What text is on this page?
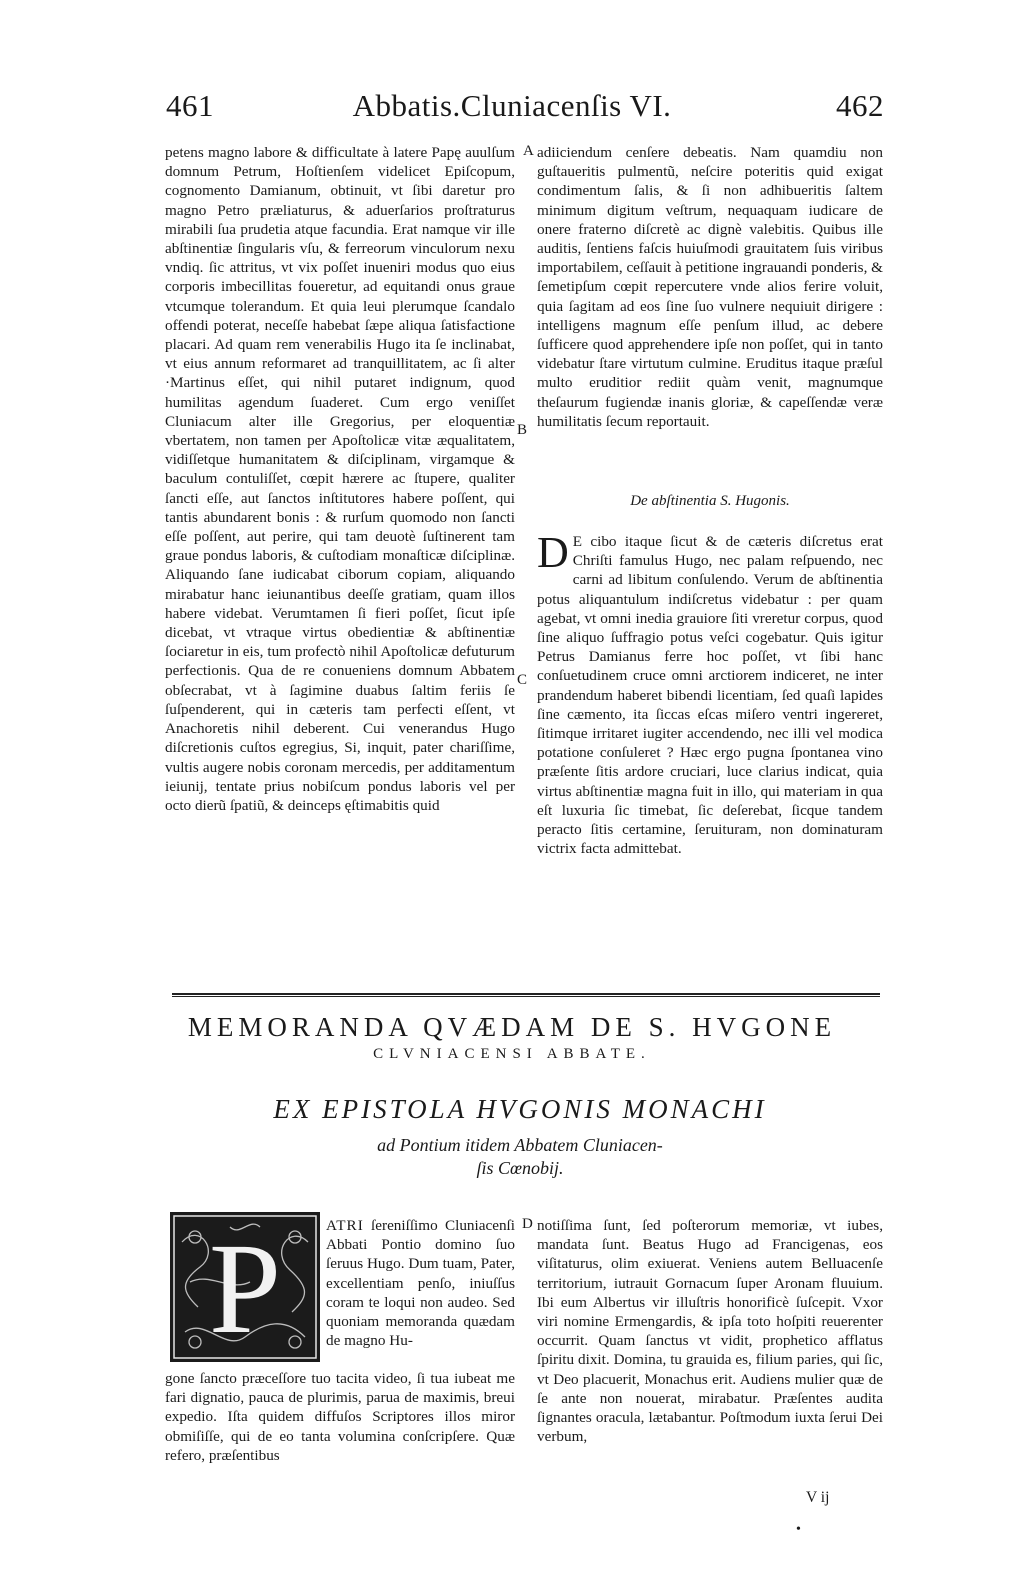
Abbatis.Cluniacenſis VI.
461	462

petens magno labore & difficultate à latere Papę auulſum domnum Petrum, Hoſtienſem videlicet Epiſcopum, cognomento Damianum, obtinuit, vt ſibi daretur pro magno Petro præliaturus, & aduerſarios proſtraturus mirabili ſua prudetia atque facundia. Erat namque vir ille abſtinentiæ ſingularis vſu, & ferreorum vinculorum nexu vndiq. ſic attritus, vt vix poſſet inueniri modus quo eius corporis imbecillitas foueretur, ad equitandi onus graue vtcumque tolerandum. Et quia leui plerumque ſcandalo offendi poterat, neceſſe habebat ſæpe aliqua ſatisfactione placari. Ad quam rem venerabilis Hugo ita ſe inclinabat, vt eius annum reformaret ad tranquillitatem, ac ſi alter ·Martinus eſſet, qui nihil putaret indignum, quod humilitas agendum ſuaderet. Cum ergo veniſſet Cluniacum alter ille Gregorius, per eloquentiæ vbertatem, non tamen per Apoſtolicæ vitæ æqualitatem, vidiſſetque humanitatem & diſciplinam, virgamque & baculum contuliſſet, cœpit hærere ac ſtupere, qualiter ſancti eſſe, aut ſanctos inſtitutores habere poſſent, qui tantis abundarent bonis : & rurſum quomodo non ſancti eſſe poſſent, aut perire, qui tam deuotè ſuſtinerent tam graue pondus laboris, & cuſtodiam monaſticæ diſciplinæ. Aliquando ſane iudicabat ciborum copiam, aliquando mirabatur hanc ieiunantibus deeſſe gratiam, quam illos habere videbat. Verumtamen ſi fieri poſſet, ſicut ipſe dicebat, vt vtraque virtus obedientiæ & abſtinentiæ ſociaretur in eis, tum profectò nihil Apoſtolicæ defuturum perfectionis. Qua de re conueniens domnum Abbatem obſecrabat, vt à ſagimine duabus ſaltim feriis ſe ſuſpenderent, qui in cæteris tam perfecti eſſent, vt Anachoretis nihil deberent. Cui venerandus Hugo diſcretionis cuſtos egregius, Si, inquit, pater chariſſime, vultis augere nobis coronam mercedis, per additamentum ieiunij, tentate prius nobiſcum pondus laboris vel per octo dierũ ſpatiũ, & deinceps ęſtimabitis quid

A
B
C
D

adiiciendum cenſere debeatis. Nam quamdiu non guſtaueritis pulmentũ, neſcire poteritis quid exigat condimentum ſalis, & ſi non adhibueritis ſaltem minimum digitum veſtrum, nequaquam iudicare de onere fraterno diſcretè ac dignè valebitis. Quibus ille auditis, ſentiens faſcis huiuſmodi grauitatem ſuis viribus importabilem, ceſſauit à petitione ingrauandi ponderis, & ſemetipſum cœpit repercutere vnde alios ferire voluit, quia ſagitam ad eos ſine ſuo vulnere nequiuit dirigere : intelligens magnum eſſe penſum illud, ac debere ſufficere quod apprehendere ipſe non poſſet, qui in tanto videbatur ſtare virtutum culmine. Eruditus itaque præſul multo eruditior rediit quàm venit, magnumque theſaurum fugiendæ inanis gloriæ, & capeſſendæ veræ humilitatis ſecum reportauit.

De abſtinentia S. Hugonis.
D E cibo itaque ſicut & de cæteris diſcretus erat Chriſti famulus Hugo, nec palam reſpuendo, nec carni ad libitum conſulendo. Verum de abſtinentia potus aliquantulum indiſcretus videbatur : per quam agebat, vt omni inedia grauiore ſiti vreretur corpus, quod ſine aliquo ſuffragio potus veſci cogebatur. Quis igitur Petrus Damianus ferre hoc poſſet, vt ſibi hanc conſuetudinem cruce omni arctiorem indiceret, ne inter prandendum haberet bibendi licentiam, ſed quaſi lapides ſine cæmento, ita ſiccas eſcas miſero ventri ingereret, ſitimque irritaret iugiter accendendo, nec illi vel modica potatione conſuleret ? Hæc ergo pugna ſpontanea vino præſente ſitis ardore cruciari, luce clarius indicat, quia virtus abſtinentiæ magna fuit in illo, qui materiam in qua eſt luxuria ſic timebat, ſic deſerebat, ſicque tandem peracto ſitis certamine, ſeruituram, non dominaturam victrix facta admittebat.

MEMORANDA QVÆDAM DE S. HVGONE
CLVNIACENSI ABBATE.
EX EPISTOLA HVGONIS MONACHI
ad Pontium itidem Abbatem Cluniacen-
ſis Cœnobij.
P	ATRI ſereniſſimo Cluniacenſi Abbati Pontio domino ſuo ſeruus Hugo. Dum tuam, Pater, excellentiam penſo, iniuſſus coram te loqui non audeo. Sed quoniam memoranda quædam de magno Hu-

gone ſancto præceſſore tuo tacita video, ſi tua iubeat me fari dignatio, pauca de plurimis, parua de maximis, breui expedio. Iſta quidem diffuſos Scriptores illos miror obmiſiſſe, qui de eo tanta volumina conſcripſere. Quæ refero, præſentibus

notiſſima ſunt, ſed poſterorum memoriæ, vt iubes, mandata ſunt. Beatus Hugo ad Francigenas, eos viſitaturus, olim exiuerat. Veniens autem Belluacenſe territorium, iutrauit Gornacum ſuper Aronam fluuium. Ibi eum Albertus vir illuſtris honorificè ſuſcepit. Vxor viri nomine Ermengardis, & ipſa toto hoſpiti reuerenter occurrit. Quam ſanctus vt vidit, prophetico afflatus ſpiritu dixit. Domina, tu grauida es, filium paries, qui ſic, vt Deo placuerit, Monachus erit. Audiens mulier quæ de ſe ante non nouerat, mirabatur. Præſentes audita ſignantes oracula, lætabantur. Poſtmodum iuxta ſerui Dei verbum,

V ij
•
